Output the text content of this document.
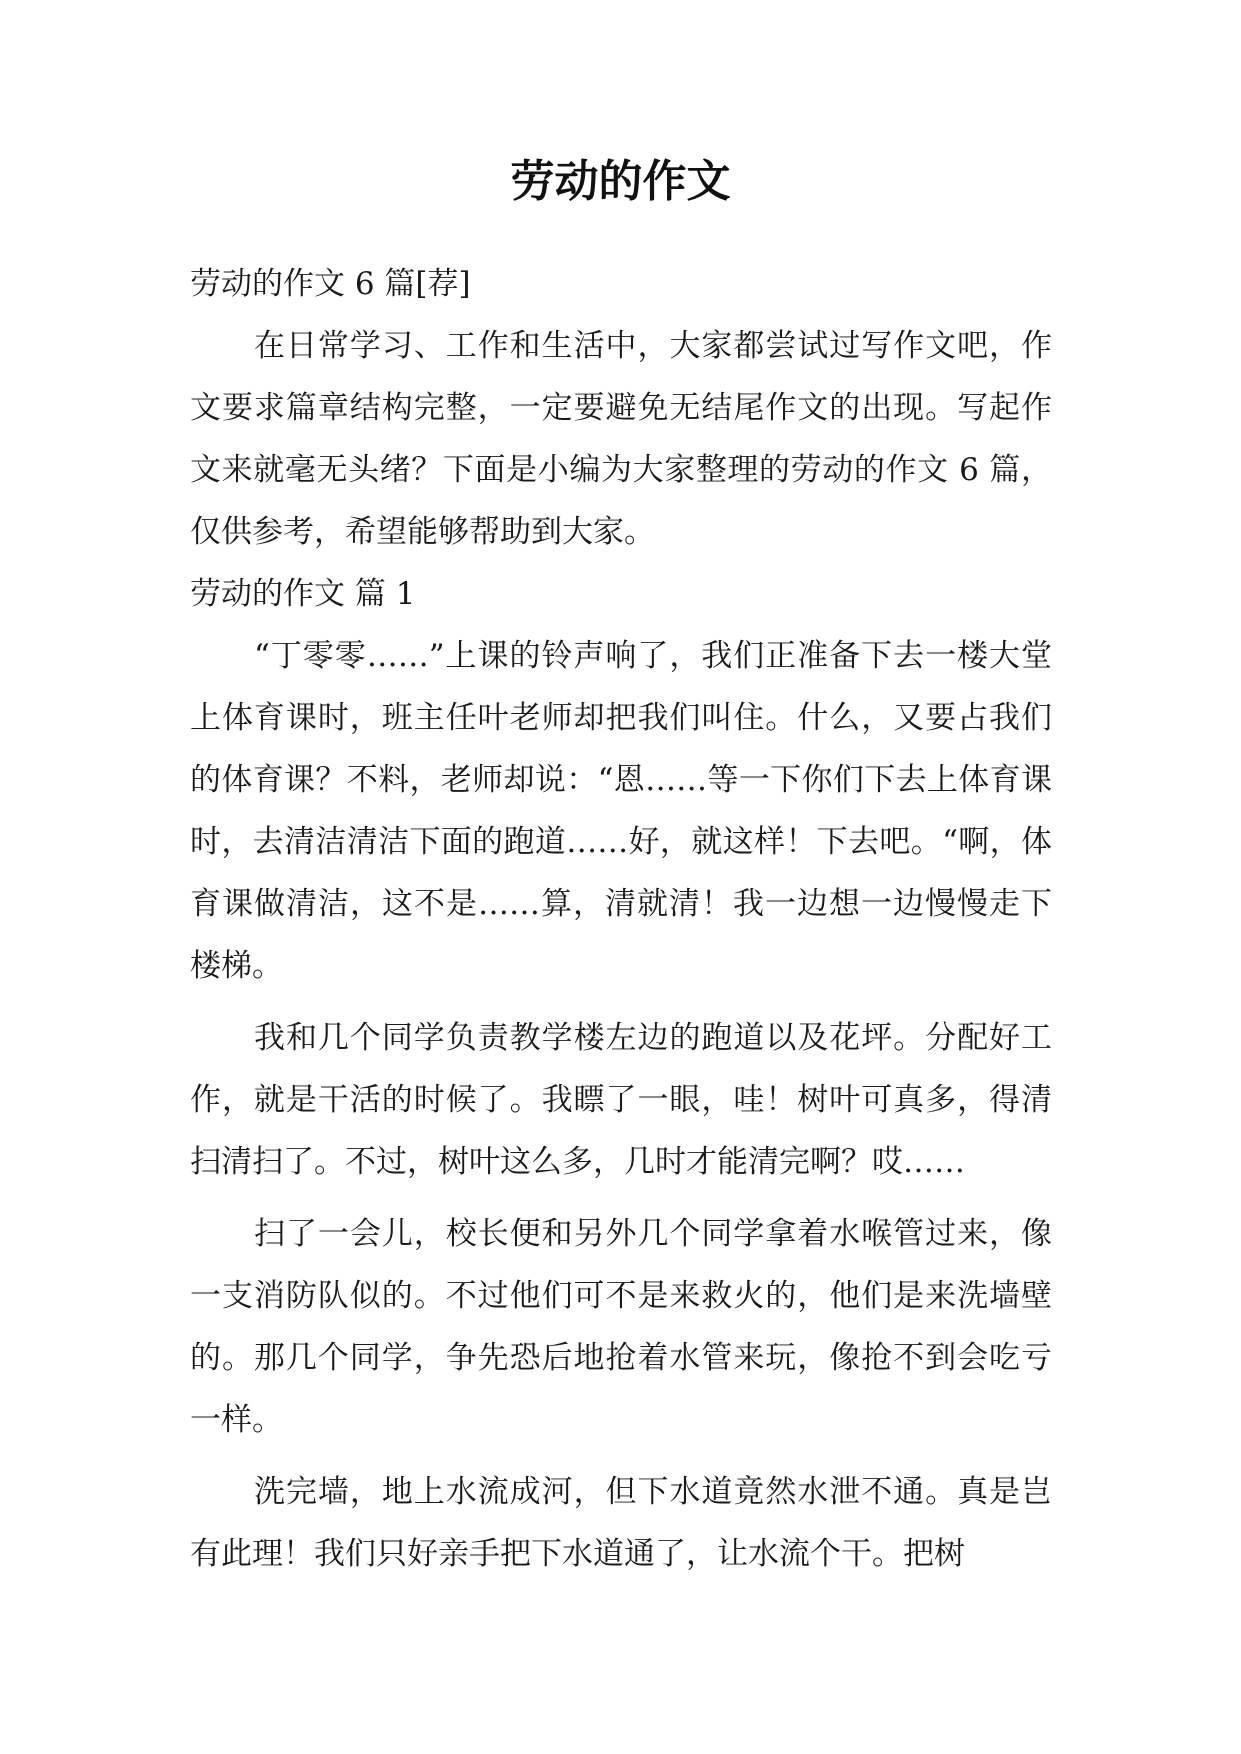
劳动的作文

劳动的作文 6 篇[荐]

在日常学习、工作和生活中，大家都尝试过写作文吧，作文要求篇章结构完整，一定要避免无结尾作文的出现。写起作文来就毫无头绪？下面是小编为大家整理的劳动的作文 6 篇，仅供参考，希望能够帮助到大家。

劳动的作文 篇 1

“丁零零……”上课的铃声响了，我们正准备下去一楼大堂上体育课时，班主任叶老师却把我们叫住。什么，又要占我们的体育课？不料，老师却说：“恩……等一下你们下去上体育课时，去清洁清洁下面的跑道……好，就这样！下去吧。“啊，体育课做清洁，这不是……算，清就清！我一边想一边慢慢走下楼梯。

我和几个同学负责教学楼左边的跑道以及花坪。分配好工作，就是干活的时候了。我瞟了一眼，哇！树叶可真多，得清扫清扫了。不过，树叶这么多，几时才能清完啊？哎……

扫了一会儿，校长便和另外几个同学拿着水喉管过来，像一支消防队似的。不过他们可不是来救火的，他们是来洗墙壁的。那几个同学，争先恐后地抢着水管来玩，像抢不到会吃亏一样。

洗完墙，地上水流成河，但下水道竟然水泄不通。真是岂有此理！我们只好亲手把下水道通了，让水流个干。把树
